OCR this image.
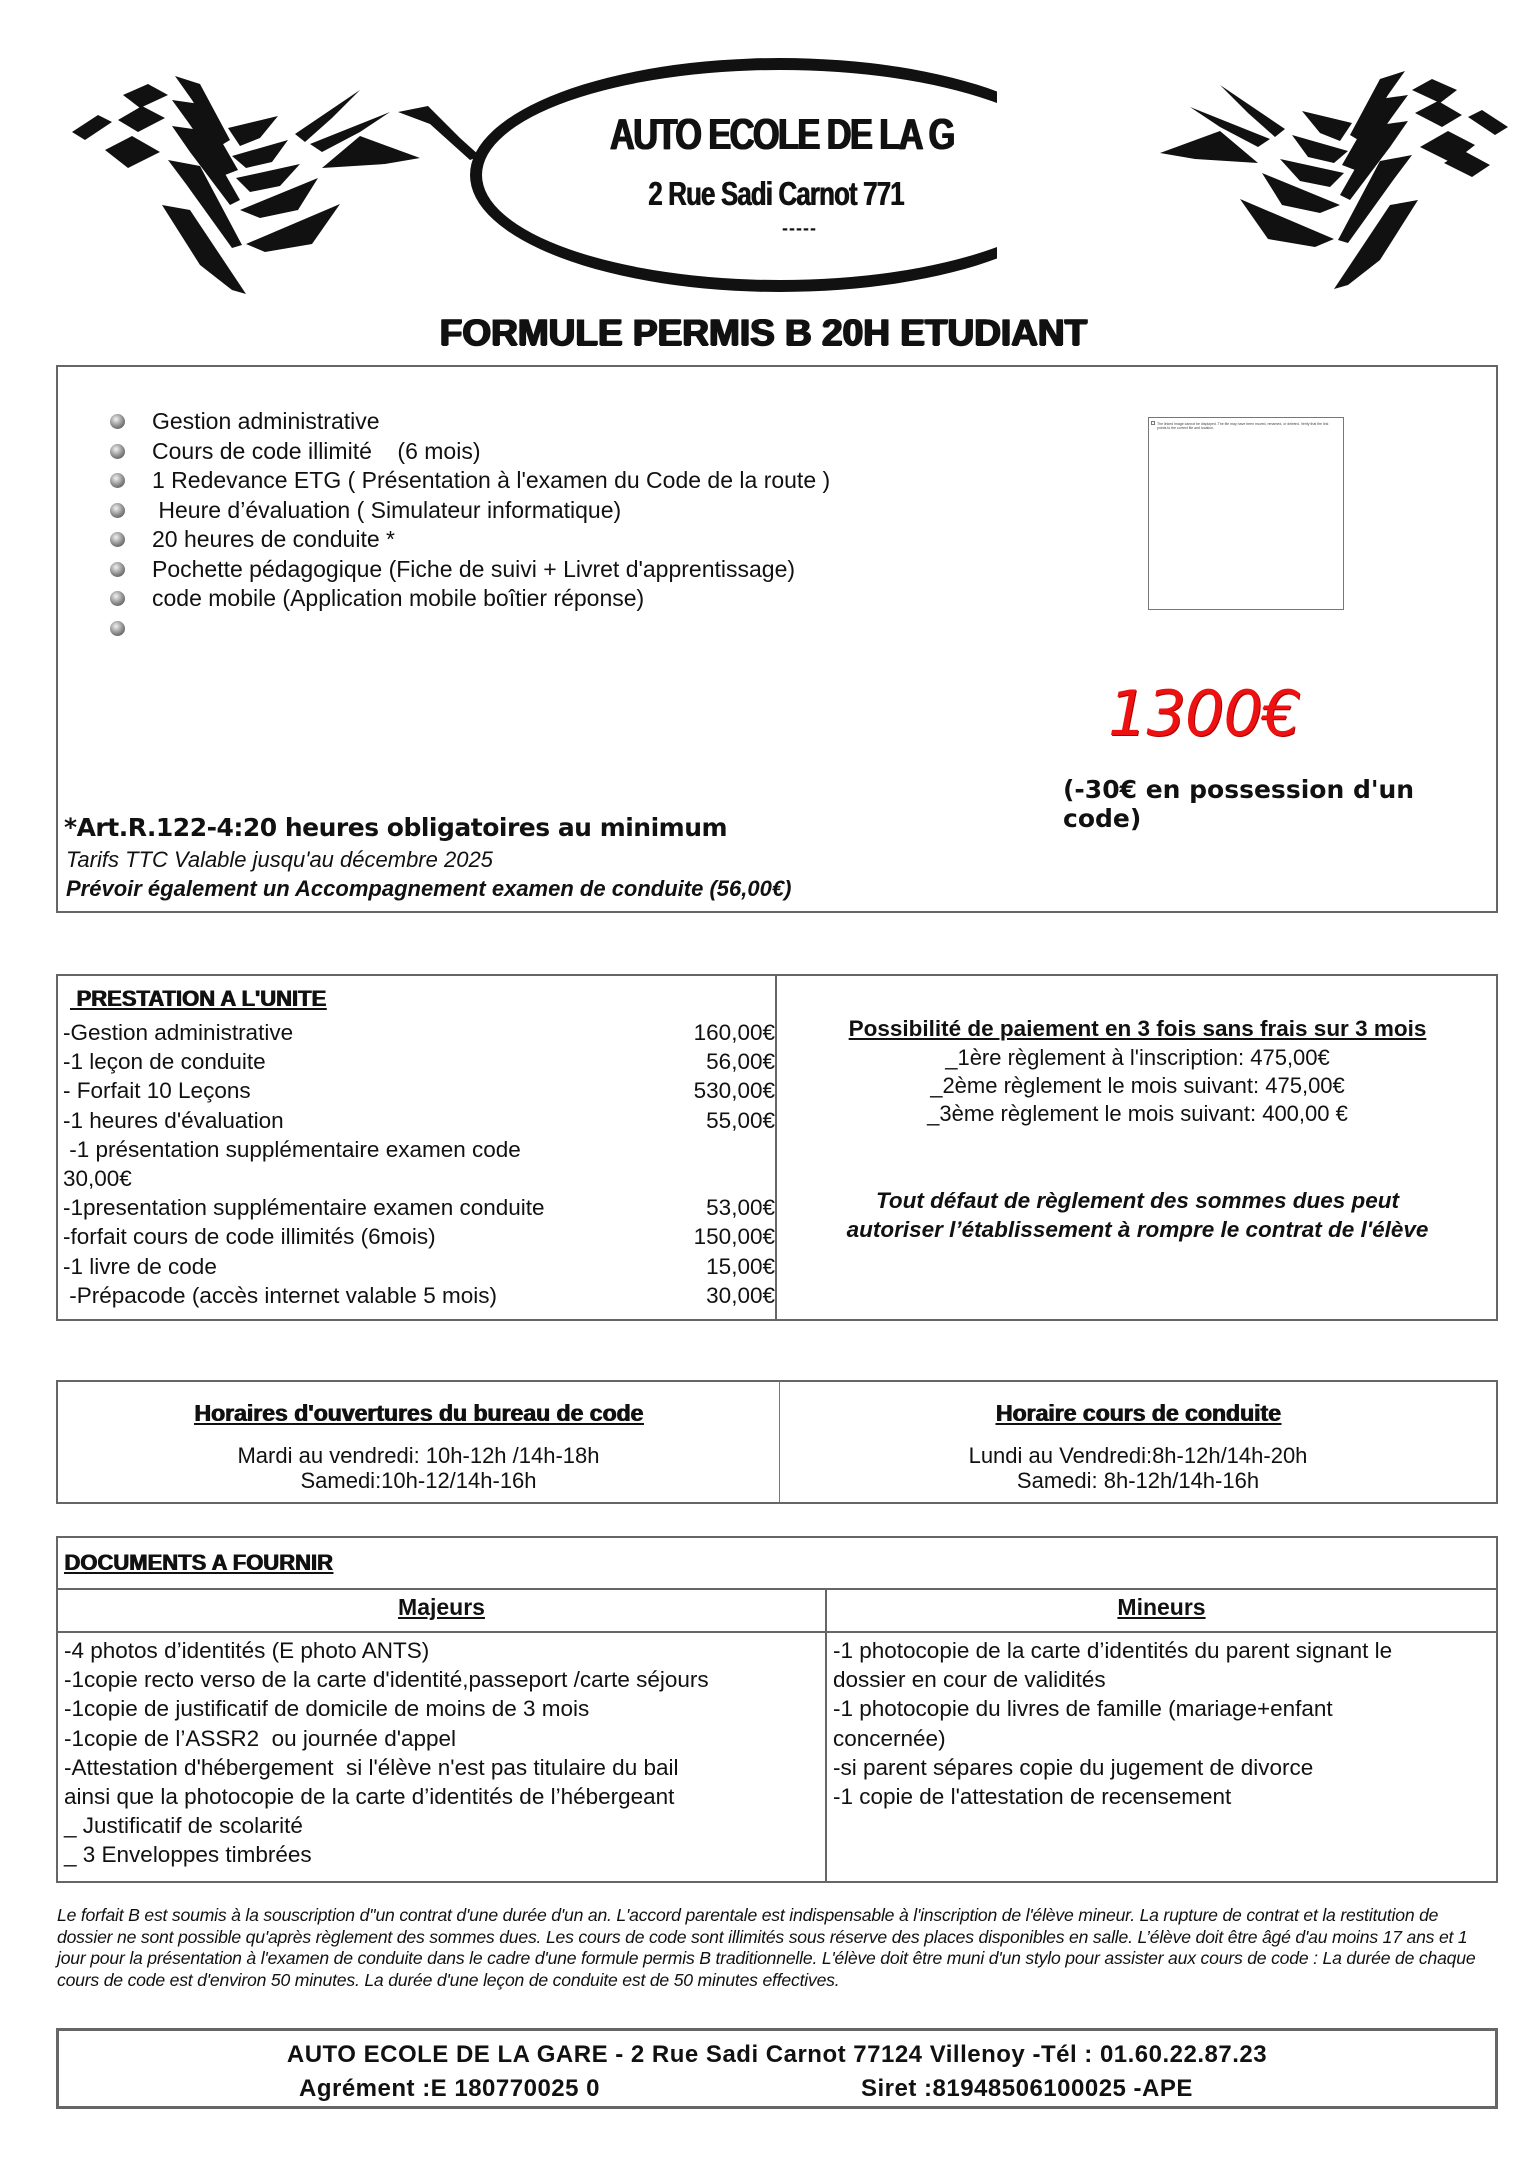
AUTO ECOLE DE LA G
2 Rue Sadi Carnot 771
-----
FORMULE PERMIS B 20H ETUDIANT
Gestion administrative
Cours de code illimité    (6 mois)
1 Redevance ETG ( Présentation à l'examen du Code de la route )
Heure d’évaluation ( Simulateur informatique)
20 heures de conduite *
Pochette pédagogique (Fiche de suivi + Livret d'apprentissage)
code mobile (Application mobile boîtier réponse)
The linked image cannot be displayed. The file may have been moved, renamed, or deleted. Verify that the link points to the correct file and location.
1300€
(-30€ en possession d'un code)
*Art.R.122-4:20 heures obligatoires au minimum
Tarifs TTC Valable jusqu'au décembre 2025
Prévoir également un Accompagnement examen de conduite (56,00€)
PRESTATION A L'UNITE
-Gestion administrative	160,00€
-1 leçon de conduite	56,00€
- Forfait 10 Leçons	530,00€
-1 heures d'évaluation	55,00€
-1 présentation supplémentaire examen code
30,00€
-1presentation supplémentaire examen conduite	53,00€
-forfait cours de code illimités (6mois)	150,00€
-1 livre de code	15,00€
-Prépacode (accès internet valable 5 mois)	30,00€
Possibilité de paiement en 3 fois sans frais sur 3 mois
_1ère règlement à l'inscription: 475,00€
_2ème règlement le mois suivant: 475,00€
_3ème règlement le mois suivant: 400,00 €
Tout défaut de règlement des sommes dues peut
autoriser l’établissement à rompre le contrat de l'élève
Horaires d'ouvertures du bureau de code
Mardi au vendredi: 10h-12h /14h-18h
Samedi:10h-12/14h-16h
Horaire cours de conduite
Lundi au Vendredi:8h-12h/14h-20h
Samedi: 8h-12h/14h-16h
DOCUMENTS A FOURNIR
Majeurs	Mineurs
-4 photos d’identités (E photo ANTS)
-1copie recto verso de la carte d'identité,passeport /carte séjours
-1copie de justificatif de domicile de moins de 3 mois
-1copie de l’ASSR2  ou journée d'appel
-Attestation d'hébergement  si l'élève n'est pas titulaire du bail
ainsi que la photocopie de la carte d’identités de l’hébergeant
_ Justificatif de scolarité
_ 3 Enveloppes timbrées
-1 photocopie de la carte d’identités du parent signant le
dossier en cour de validités
-1 photocopie du livres de famille (mariage+enfant
concernée)
-si parent sépares copie du jugement de divorce
-1 copie de l'attestation de recensement
Le forfait B est soumis à la souscription d''un contrat d'une durée d'un an. L'accord parentale est indispensable à l'inscription de l'élève mineur. La rupture de contrat et la restitution de dossier ne sont possible qu'après règlement des sommes dues. Les cours de code sont illimités sous réserve des places disponibles en salle. L’élève doit être âgé d'au moins 17 ans et 1 jour pour la présentation à l'examen de conduite dans le cadre d'une formule permis B traditionnelle. L'élève doit être muni d'un stylo pour assister aux cours de code : La durée de chaque cours de code est d'environ 50 minutes. La durée d'une leçon de conduite est de 50 minutes effectives.
AUTO ECOLE DE LA GARE - 2 Rue Sadi Carnot 77124 Villenoy -Tél : 01.60.22.87.23
Agrément :E 180770025 0	Siret :81948506100025 -APE
